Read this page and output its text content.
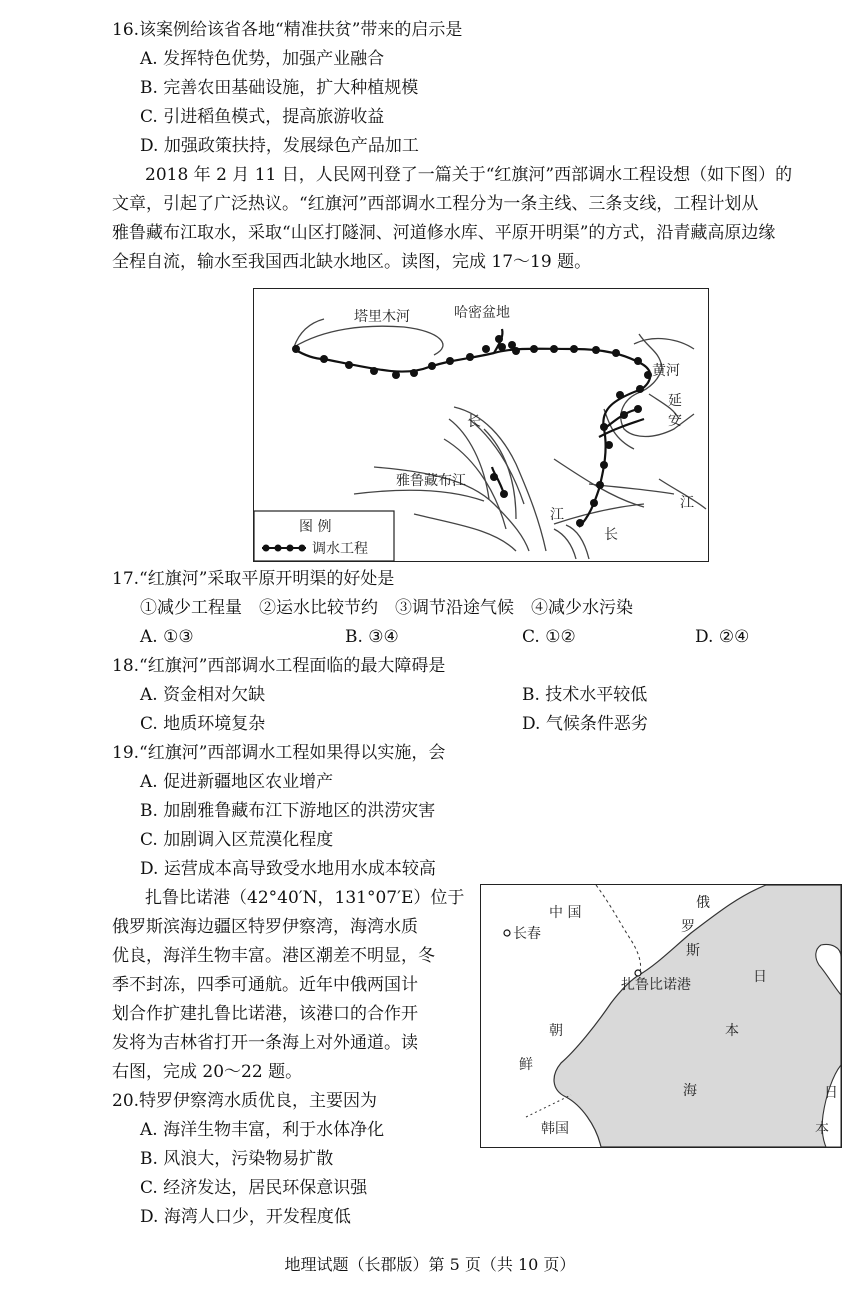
16.该案例给该省各地“精准扶贫”带来的启示是
A. 发挥特色优势，加强产业融合
B. 完善农田基础设施，扩大种植规模
C. 引进稻鱼模式，提高旅游收益
D. 加强政策扶持，发展绿色产品加工
2018 年 2 月 11 日，人民网刊登了一篇关于“红旗河”西部调水工程设想（如下图）的
文章，引起了广泛热议。“红旗河”西部调水工程分为一条主线、三条支线，工程计划从
雅鲁藏布江取水，采取“山区打隧洞、河道修水库、平原开明渠”的方式，沿青藏高原边缘
全程自流，输水至我国西北缺水地区。读图，完成 17～19 题。
塔里木河	哈密盆地
黄河
延
安
长
雅鲁藏布江
江
江
长
图 例
调水工程
17.“红旗河”采取平原开明渠的好处是
①减少工程量　②运水比较节约　③调节沿途气候　④减少水污染
A. ①③	B. ③④	C. ①②	D. ②④
18.“红旗河”西部调水工程面临的最大障碍是
A. 资金相对欠缺	B. 技术水平较低
C. 地质环境复杂	D. 气候条件恶劣
19.“红旗河”西部调水工程如果得以实施，会
A. 促进新疆地区农业增产
B. 加剧雅鲁藏布江下游地区的洪涝灾害
C. 加剧调入区荒漠化程度
D. 运营成本高导致受水地用水成本较高
扎鲁比诺港（42°40′N，131°07′E）位于
俄罗斯滨海边疆区特罗伊察湾，海湾水质
优良，海洋生物丰富。港区潮差不明显，冬
季不封冻，四季可通航。近年中俄两国计
划合作扩建扎鲁比诺港，该港口的合作开
发将为吉林省打开一条海上对外通道。读
右图，完成 20～22 题。
中 国
长春
俄
罗
斯
扎鲁比诺港	日
本
海
朝
鲜
韩国
日
本
20.特罗伊察湾水质优良，主要因为
A. 海洋生物丰富，利于水体净化
B. 风浪大，污染物易扩散
C. 经济发达，居民环保意识强
D. 海湾人口少，开发程度低
地理试题（长郡版）第 5 页（共 10 页）
